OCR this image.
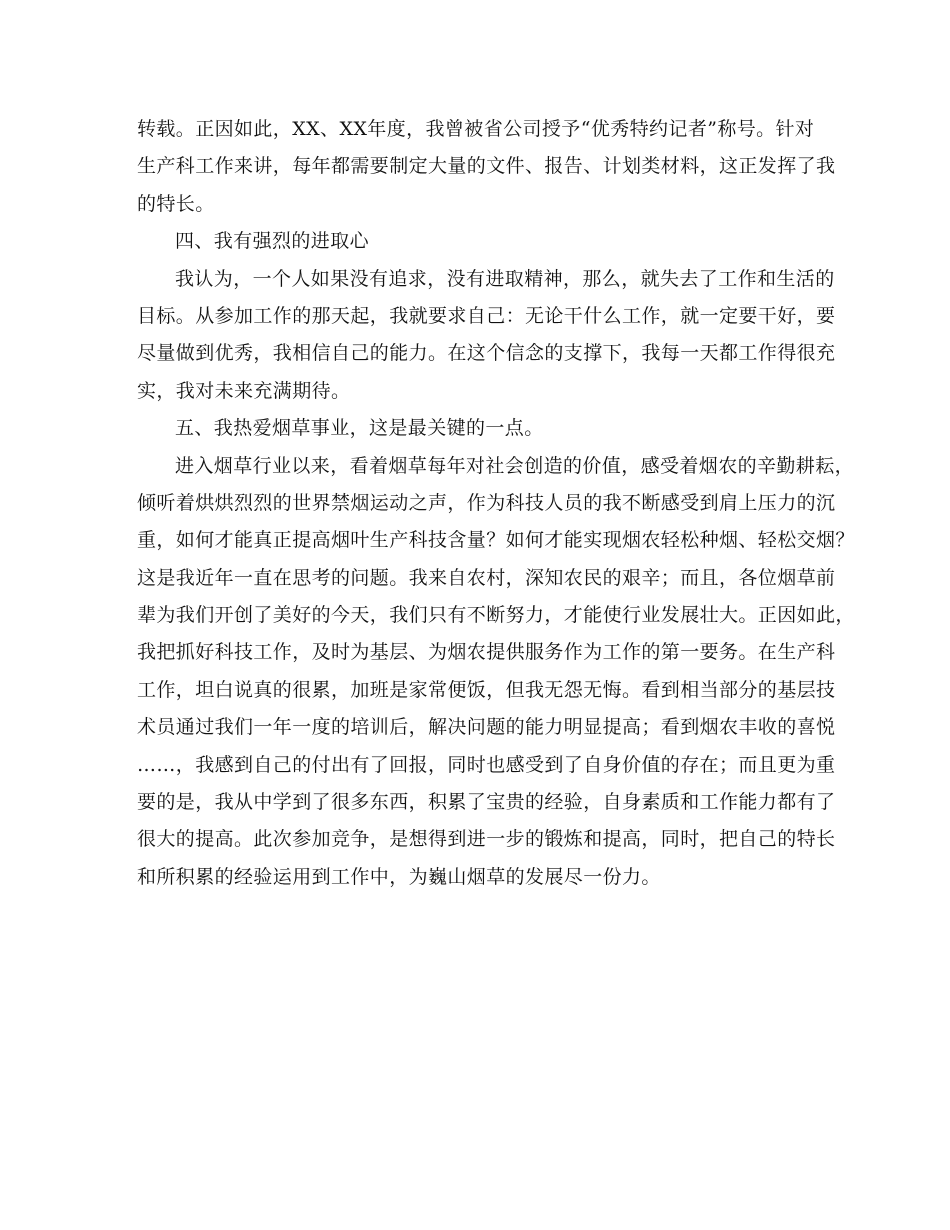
转载。正因如此，XX、XX年度，我曾被省公司授予“优秀特约记者”称号。针对
生产科工作来讲，每年都需要制定大量的文件、报告、计划类材料，这正发挥了我
的特长。
四、我有强烈的进取心
我认为，一个人如果没有追求，没有进取精神，那么，就失去了工作和生活的
目标。从参加工作的那天起，我就要求自己：无论干什么工作，就一定要干好，要
尽量做到优秀，我相信自己的能力。在这个信念的支撑下，我每一天都工作得很充
实，我对未来充满期待。
五、我热爱烟草事业，这是最关键的一点。
进入烟草行业以来，看着烟草每年对社会创造的价值，感受着烟农的辛勤耕耘，
倾听着烘烘烈烈的世界禁烟运动之声，作为科技人员的我不断感受到肩上压力的沉
重，如何才能真正提高烟叶生产科技含量？如何才能实现烟农轻松种烟、轻松交烟？
这是我近年一直在思考的问题。我来自农村，深知农民的艰辛；而且，各位烟草前
辈为我们开创了美好的今天，我们只有不断努力，才能使行业发展壮大。正因如此，
我把抓好科技工作，及时为基层、为烟农提供服务作为工作的第一要务。在生产科
工作，坦白说真的很累，加班是家常便饭，但我无怨无悔。看到相当部分的基层技
术员通过我们一年一度的培训后，解决问题的能力明显提高；看到烟农丰收的喜悦
……，我感到自己的付出有了回报，同时也感受到了自身价值的存在；而且更为重
要的是，我从中学到了很多东西，积累了宝贵的经验，自身素质和工作能力都有了
很大的提高。此次参加竞争，是想得到进一步的锻炼和提高，同时，把自己的特长
和所积累的经验运用到工作中，为巍山烟草的发展尽一份力。
